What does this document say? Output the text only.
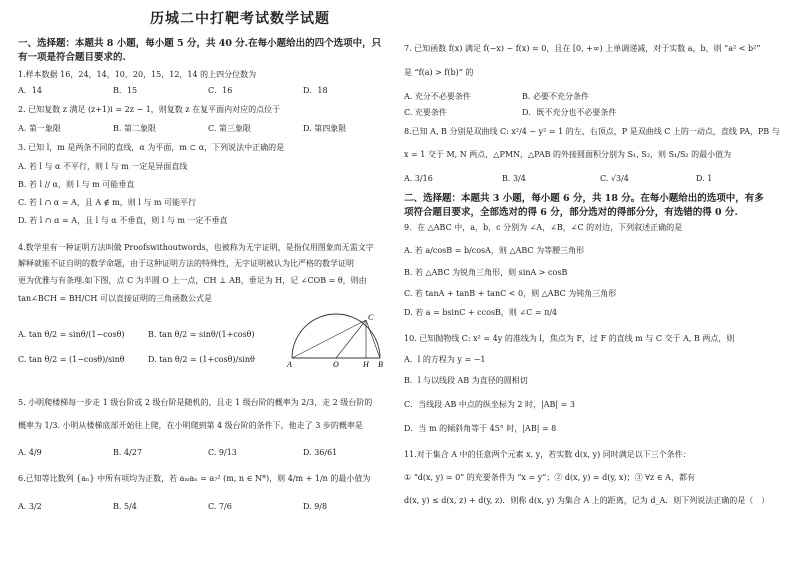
历城二中打靶考试数学试题
一、选择题：本题共 8 小题，每小题 5 分，共 40 分.在每小题给出的四个选项中，只
有一项是符合题目要求的.
1.样本数据 16，24，14，10，20，15，12，14 的上四分位数为
A．14	B．15	C．16	D．18
2. 已知复数 z 满足 (z+1)i = 2z − 1，则复数 z 在复平面内对应的点位于
A. 第一象限	B. 第二象限	C. 第三象限	D. 第四象限
3. 已知 l，m 是两条不同的直线，α 为平面，m ⊂ α，下列说法中正确的是
A. 若 l 与 α 不平行，则 l 与 m 一定是异面直线
B. 若 l // α，则 l 与 m 可能垂直
C. 若 l ∩ α = A，且 A ∉ m，则 l 与 m 可能平行
D. 若 l ∩ α = A，且 l 与 α 不垂直，则 l 与 m 一定不垂直
4.数学里有一种证明方法叫做 Proofswithoutwords，也被称为无字证明，是指仅用图象而无需文字
解释就能不证自明的数学命题，由于这种证明方法的特殊性，无字证明被认为比严格的数学证明
更为优雅与有条理.如下图，点 C 为半圆 O 上一点，CH ⊥ AB，垂足为 H，记 ∠COB = θ，则由
tan∠BCH = BH/CH 可以直接证明的三角函数公式是
A. tan θ/2 = sinθ/(1−cosθ)	B. tan θ/2 = sinθ/(1+cosθ)
C. tan θ/2 = (1−cosθ)/sinθ	D. tan θ/2 = (1+cosθ)/sinθ
C
A	O	H B
5. 小明爬楼梯每一步走 1 级台阶或 2 级台阶是随机的，且走 1 级台阶的概率为 2/3，走 2 级台阶的
概率为 1/3. 小明从楼梯底部开始往上爬，在小明爬到第 4 级台阶的条件下，他走了 3 步的概率是
A. 4/9	B. 4/27	C. 9/13	D. 36/61
6.已知等比数列 {aₙ} 中所有项均为正数，若 aₘaₙ = a₇² (m, n ∈ N*)，则 4/m + 1/n 的最小值为
A. 3/2	B. 5/4	C. 7/6	D. 9/8
7. 已知函数 f(x) 满足 f(−x) − f(x) = 0，且在 [0, +∞) 上单调递减，对于实数 a，b，则 “a² < b²”
是 “f(a) > f(b)” 的
A. 充分不必要条件	B. 必要不充分条件
C. 充要条件	D．既不充分也不必要条件
8.已知 A, B 分别是双曲线 C: x²/4 − y² = 1 的左、右顶点，P 是双曲线 C 上的一动点，直线 PA，PB 与
x = 1 交于 M, N 两点，△PMN，△PAB 的外接圆面积分别为 S₁, S₂，则 S₁/S₂ 的最小值为
A. 3/16	B. 3/4	C. √3/4	D. 1
二、选择题：本题共 3 小题，每小题 6 分，共 18 分。在每小题给出的选项中，有多
项符合题目要求，全部选对的得 6 分，部分选对的得部分分，有选错的得 0 分.
9．在 △ABC 中，a，b，c 分别为 ∠A，∠B，∠C 的对边，下列叙述正确的是
A. 若 a/cosB = b/cosA，则 △ABC 为等腰三角形
B. 若 △ABC 为锐角三角形，则 sinA > cosB
C. 若 tanA + tanB + tanC < 0，则 △ABC 为钝角三角形
D. 若 a = bsinC + ccosB，则 ∠C = π/4
10. 已知抛物线 C: x² = 4y 的准线为 l，焦点为 F，过 F 的直线 m 与 C 交于 A, B 两点，则
A．l 的方程为 y = −1
B．l 与以线段 AB 为直径的圆相切
C．当线段 AB 中点的纵坐标为 2 时，|AB| = 3
D．当 m 的倾斜角等于 45° 时，|AB| = 8
11.对于集合 A 中的任意两个元素 x, y，若实数 d(x, y) 同时满足以下三个条件：
① “d(x, y) = 0” 的充要条件为 “x = y”；② d(x, y) = d(y, x)；③ ∀z ∈ A，都有
d(x, y) ≤ d(x, z) + d(y, z)．则称 d(x, y) 为集合 A 上的距离，记为 d_A．则下列说法正确的是（　）
